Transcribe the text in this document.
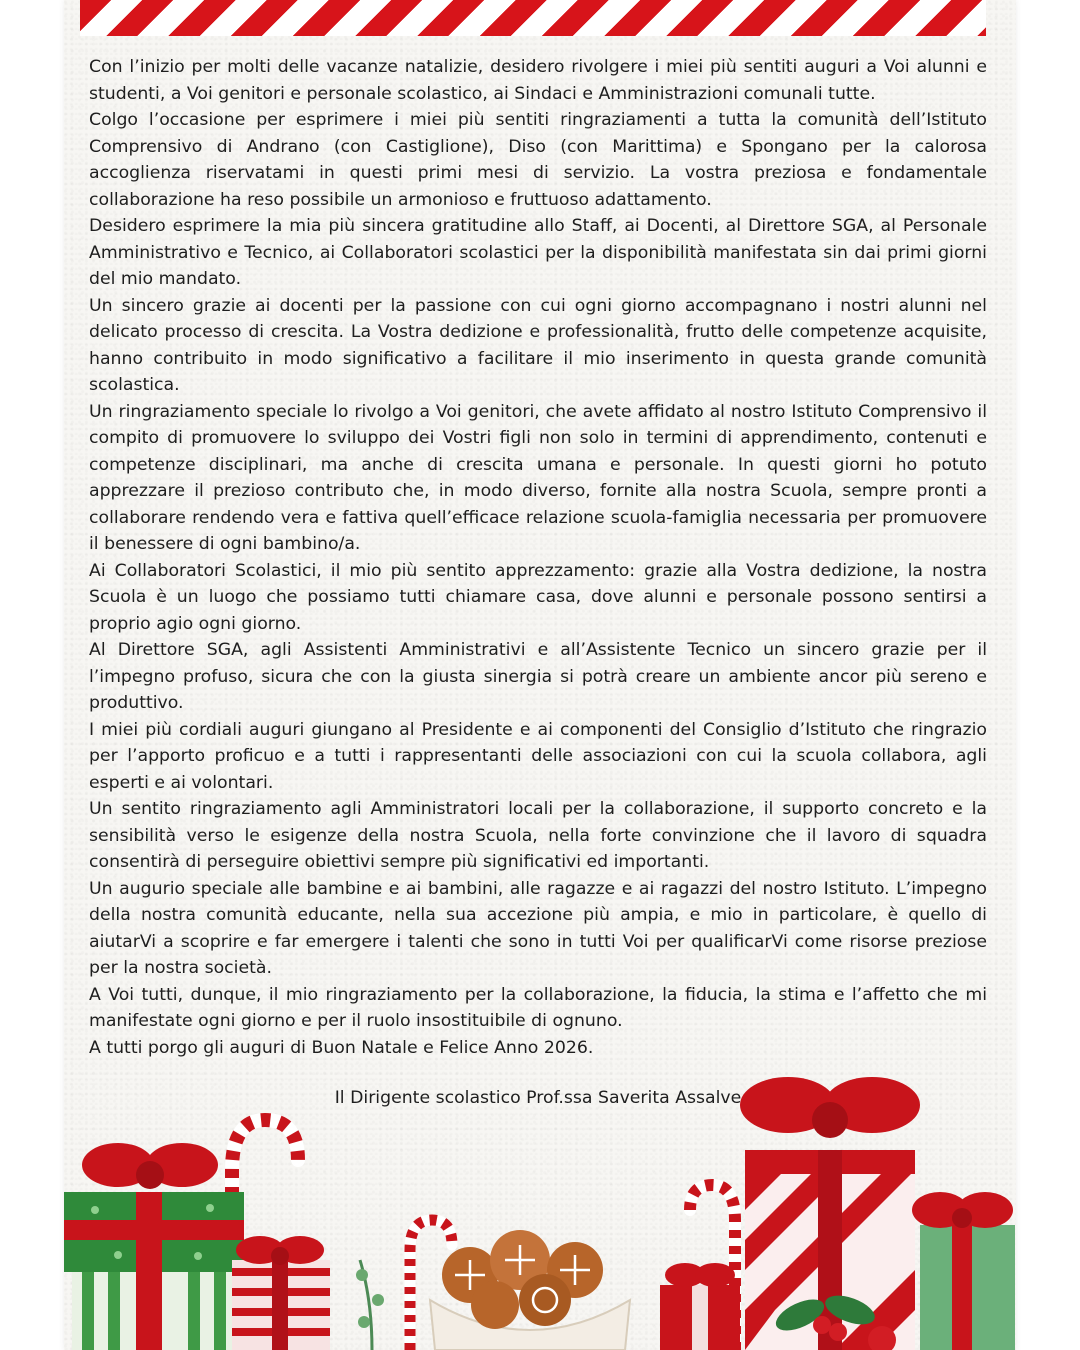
Con l’inizio per molti delle vacanze natalizie, desidero rivolgere i miei più sentiti auguri a Voi alunni e studenti, a Voi genitori e personale scolastico, ai Sindaci e Amministrazioni comunali tutte.

Colgo l’occasione per esprimere i miei più sentiti ringraziamenti a tutta la comunità dell’Istituto Comprensivo di Andrano (con Castiglione), Diso (con Marittima) e Spongano per la calorosa accoglienza riservatami in questi primi mesi di servizio. La vostra preziosa e fondamentale collaborazione ha reso possibile un armonioso e fruttuoso adattamento.

Desidero esprimere la mia più sincera gratitudine allo Staff, ai Docenti, al Direttore SGA, al Personale Amministrativo e Tecnico, ai Collaboratori scolastici per la disponibilità manifestata sin dai primi giorni del mio mandato.

Un sincero grazie ai docenti per la passione con cui ogni giorno accompagnano i nostri alunni nel delicato processo di crescita. La Vostra dedizione e professionalità, frutto delle competenze acquisite, hanno contribuito in modo significativo a facilitare il mio inserimento in questa grande comunità scolastica.

Un ringraziamento speciale lo rivolgo a Voi genitori, che avete affidato al nostro Istituto Comprensivo il compito di promuovere lo sviluppo dei Vostri figli non solo in termini di apprendimento, contenuti e competenze disciplinari, ma anche di crescita umana e personale. In questi giorni ho potuto apprezzare il prezioso contributo che, in modo diverso, fornite alla nostra Scuola, sempre pronti a collaborare rendendo vera e fattiva quell’efficace relazione scuola-famiglia necessaria per promuovere il benessere di ogni bambino/a.

Ai Collaboratori Scolastici, il mio più sentito apprezzamento: grazie alla Vostra dedizione, la nostra Scuola è un luogo che possiamo tutti chiamare casa, dove alunni e personale possono sentirsi a proprio agio ogni giorno.

Al Direttore SGA, agli Assistenti Amministrativi e all’Assistente Tecnico un sincero grazie per il l’impegno profuso, sicura che con la giusta sinergia si potrà creare un ambiente ancor più sereno e produttivo.

I miei più cordiali auguri giungano al Presidente e ai componenti del Consiglio d’Istituto che ringrazio per l’apporto proficuo e a tutti i rappresentanti delle associazioni con cui la scuola collabora, agli esperti e ai volontari.

Un sentito ringraziamento agli Amministratori locali per la collaborazione, il supporto concreto e la sensibilità verso le esigenze della nostra Scuola, nella forte convinzione che il lavoro di squadra consentirà di perseguire obiettivi sempre più significativi ed importanti.

Un augurio speciale alle bambine e ai bambini, alle ragazze e ai ragazzi del nostro Istituto. L’impegno della nostra comunità educante, nella sua accezione più ampia, e mio in particolare, è quello di aiutarVi a scoprire e far emergere i talenti che sono in tutti Voi per qualificarVi come risorse preziose per la nostra società.

A Voi tutti, dunque, il mio ringraziamento per la collaborazione, la fiducia, la stima e l’affetto che mi manifestate ogni giorno e per il ruolo insostituibile di ognuno.

A tutti porgo gli auguri di Buon Natale e Felice Anno 2026.

Il Dirigente scolastico Prof.ssa Saverita Assalve
